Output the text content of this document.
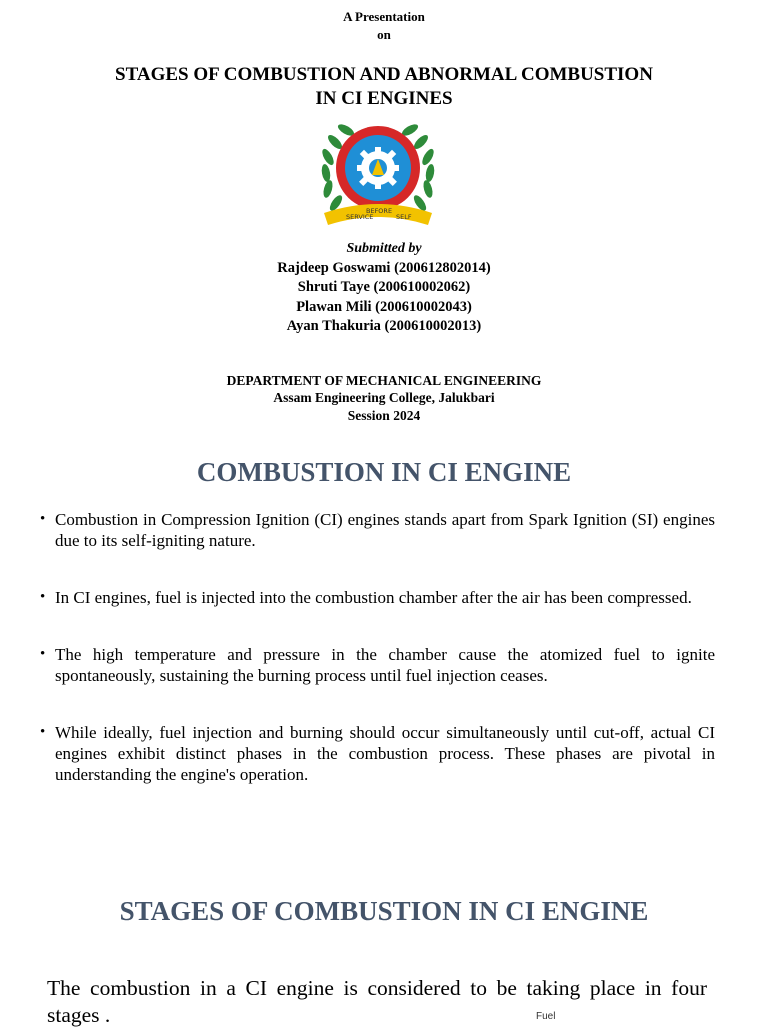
A Presentation
on
STAGES OF COMBUSTION AND ABNORMAL COMBUSTION
IN CI ENGINES
SERVICE
BEFORE
SELF
Submitted by
Rajdeep Goswami (200612802014)
Shruti Taye (200610002062)
Plawan Mili (200610002043)
Ayan Thakuria (200610002013)
DEPARTMENT OF MECHANICAL ENGINEERING
Assam Engineering College, Jalukbari
Session 2024
COMBUSTION IN CI ENGINE
• Combustion in Compression Ignition (CI) engines stands apart from Spark Ignition (SI) engines due to its self-igniting nature.
• In CI engines, fuel is injected into the combustion chamber after the air has been compressed.
• The high temperature and pressure in the chamber cause the atomized fuel to ignite spontaneously, sustaining the burning process until fuel injection ceases.
• While ideally, fuel injection and burning should occur simultaneously until cut-off, actual CI engines exhibit distinct phases in the combustion process. These phases are pivotal in understanding the engine's operation.
STAGES OF COMBUSTION IN CI ENGINE
The combustion in a CI engine is considered to be taking place in four stages .	Fuel
